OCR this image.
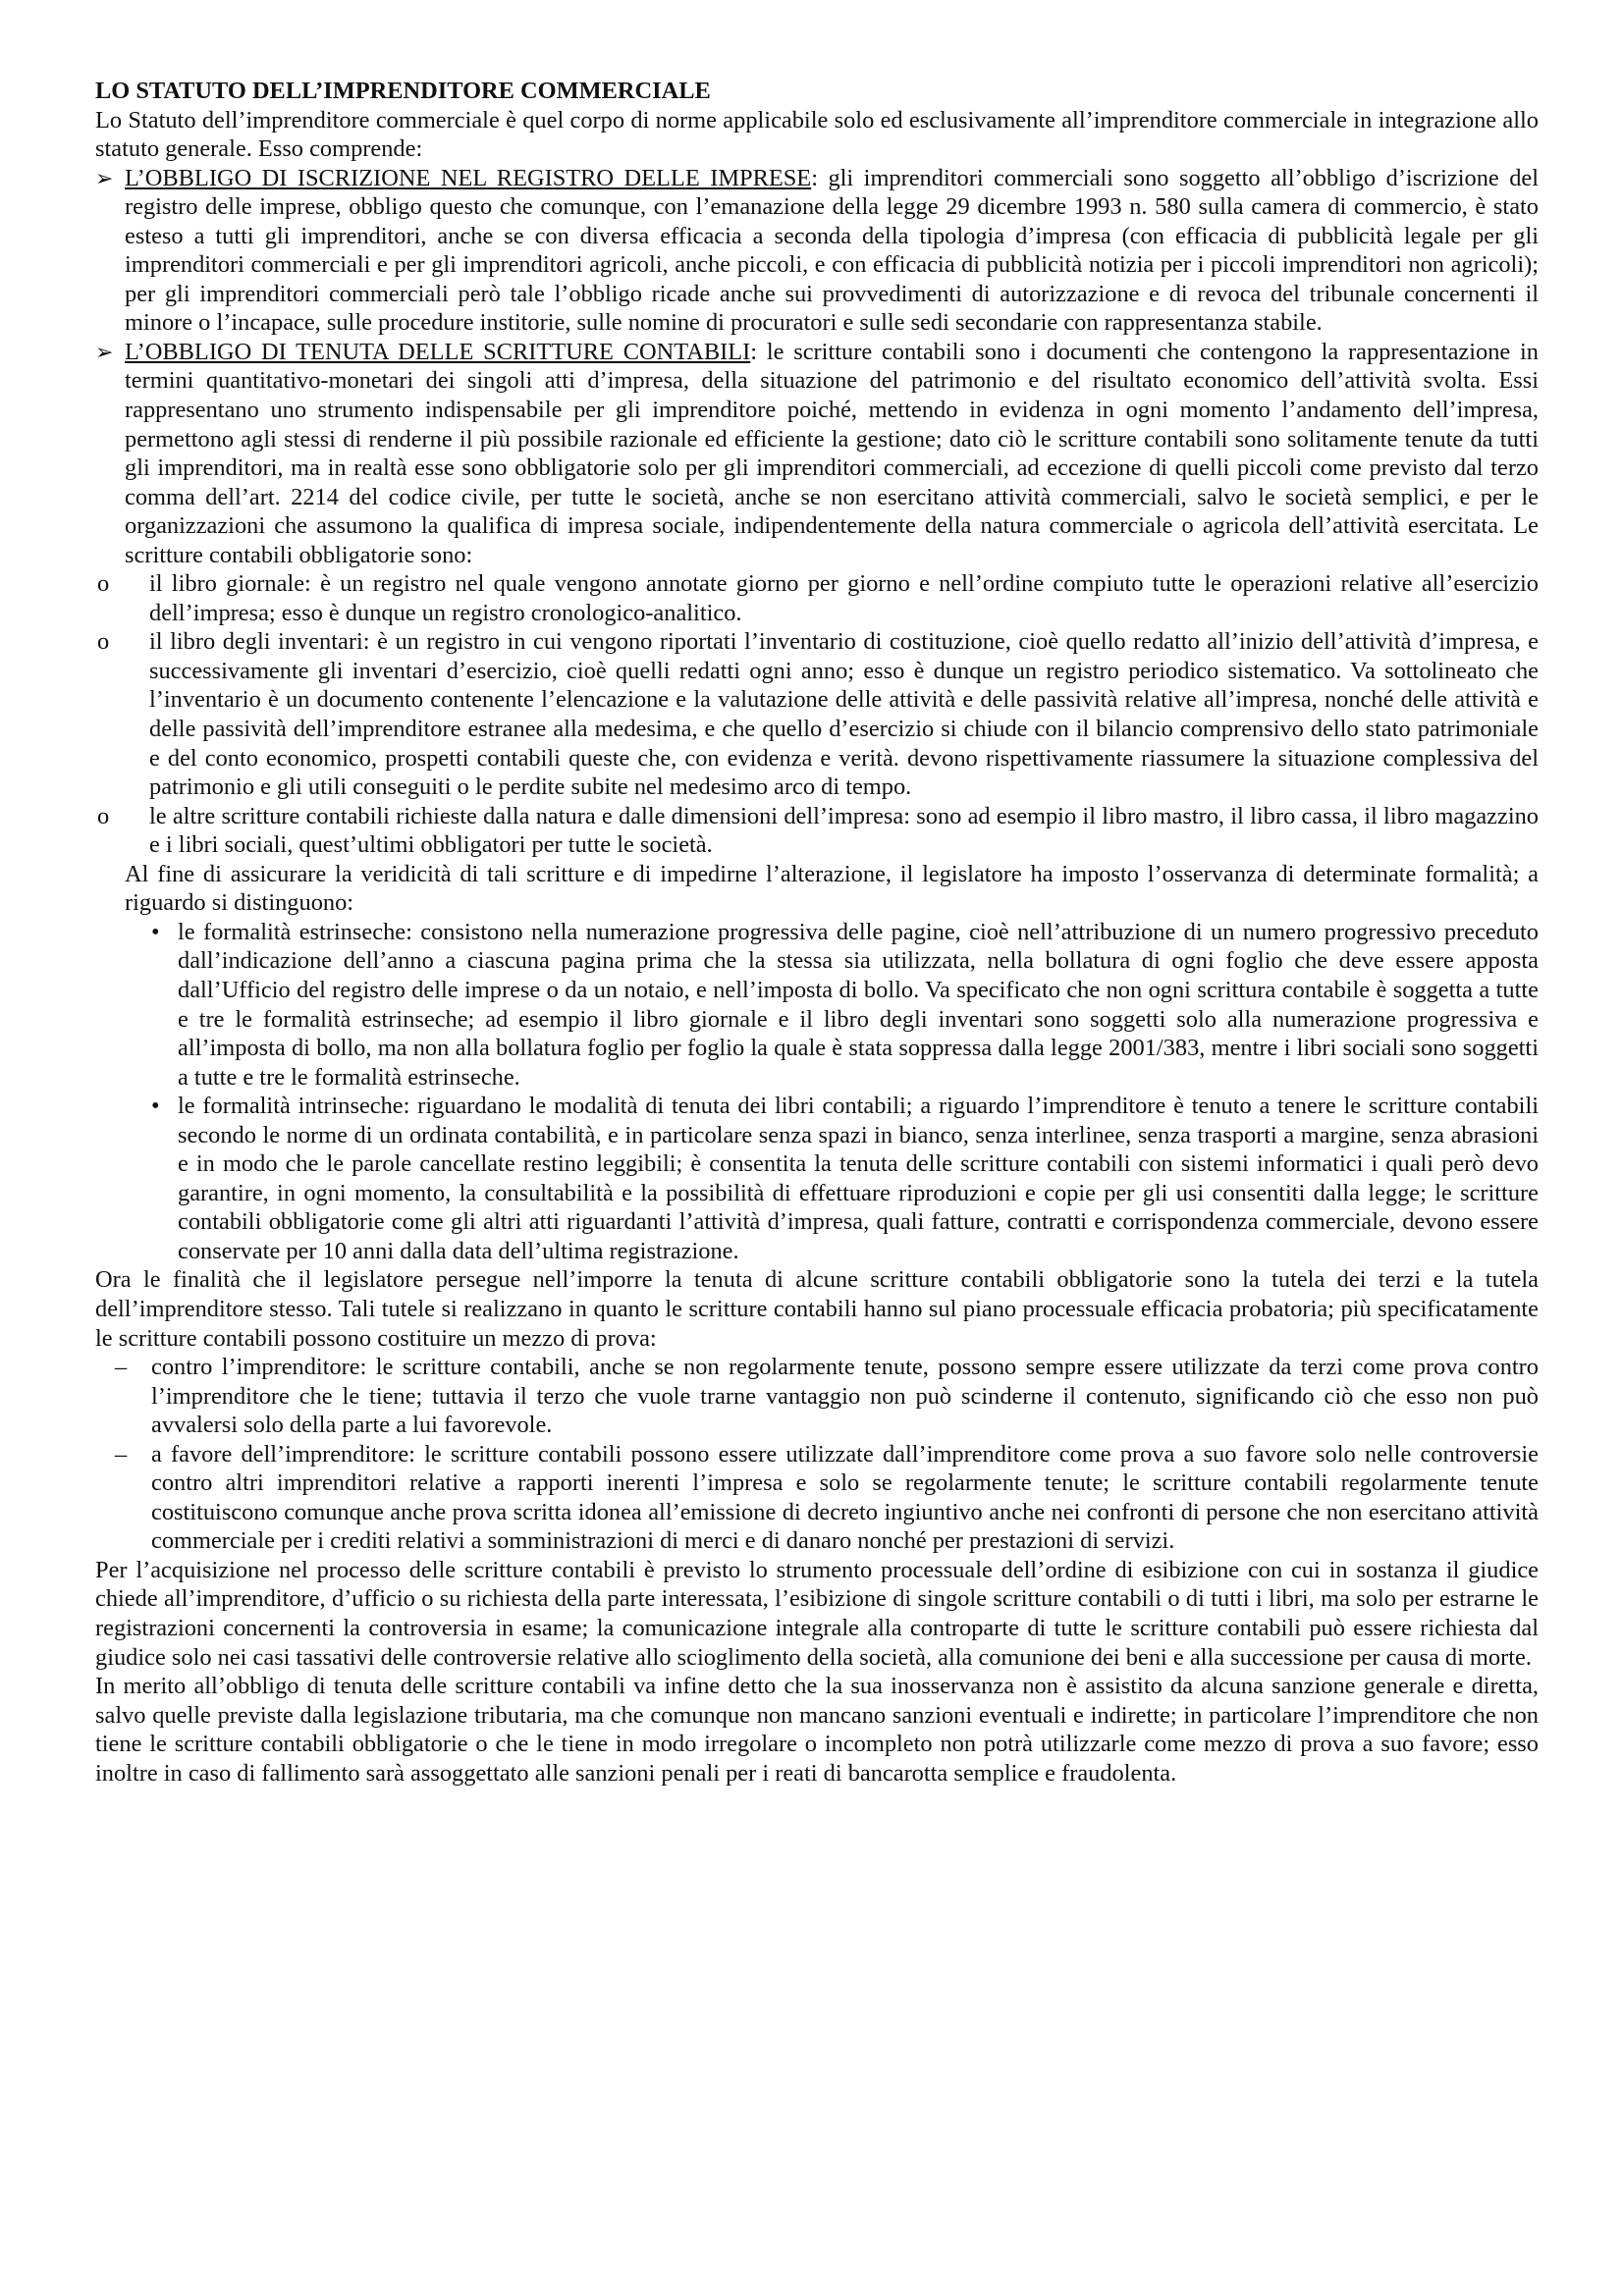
LO STATUTO DELL’IMPRENDITORE COMMERCIALE

Lo Statuto dell’imprenditore commerciale è quel corpo di norme applicabile solo ed esclusivamente all’imprenditore commerciale in integrazione allo statuto generale. Esso comprende:

➢ L’OBBLIGO DI ISCRIZIONE NEL REGISTRO DELLE IMPRESE: gli imprenditori commerciali sono soggetto all’obbligo d’iscrizione del registro delle imprese, obbligo questo che comunque, con l’emanazione della legge 29 dicembre 1993 n. 580 sulla camera di commercio, è stato esteso a tutti gli imprenditori, anche se con diversa efficacia a seconda della tipologia d’impresa (con efficacia di pubblicità legale per gli imprenditori commerciali e per gli imprenditori agricoli, anche piccoli, e con efficacia di pubblicità notizia per i piccoli imprenditori non agricoli); per gli imprenditori commerciali però tale l’obbligo ricade anche sui provvedimenti di autorizzazione e di revoca del tribunale concernenti il minore o l’incapace, sulle procedure institorie, sulle nomine di procuratori e sulle sedi secondarie con rappresentanza stabile.
➢ L’OBBLIGO DI TENUTA DELLE SCRITTURE CONTABILI: le scritture contabili sono i documenti che contengono la rappresentazione in termini quantitativo-monetari dei singoli atti d’impresa, della situazione del patrimonio e del risultato economico dell’attività svolta. Essi rappresentano uno strumento indispensabile per gli imprenditore poiché, mettendo in evidenza in ogni momento l’andamento dell’impresa, permettono agli stessi di renderne il più possibile razionale ed efficiente la gestione; dato ciò le scritture contabili sono solitamente tenute da tutti gli imprenditori, ma in realtà esse sono obbligatorie solo per gli imprenditori commerciali, ad eccezione di quelli piccoli come previsto dal terzo comma dell’art. 2214 del codice civile, per tutte le società, anche se non esercitano attività commerciali, salvo le società semplici, e per le organizzazioni che assumono la qualifica di impresa sociale, indipendentemente della natura commerciale o agricola dell’attività esercitata. Le scritture contabili obbligatorie sono:
o il libro giornale: è un registro nel quale vengono annotate giorno per giorno e nell’ordine compiuto tutte le operazioni relative all’esercizio dell’impresa; esso è dunque un registro cronologico-analitico.
o il libro degli inventari: è un registro in cui vengono riportati l’inventario di costituzione, cioè quello redatto all’inizio dell’attività d’impresa, e successivamente gli inventari d’esercizio, cioè quelli redatti ogni anno; esso è dunque un registro periodico sistematico. Va sottolineato che l’inventario è un documento contenente l’elencazione e la valutazione delle attività e delle passività relative all’impresa, nonché delle attività e delle passività dell’imprenditore estranee alla medesima, e che quello d’esercizio si chiude con il bilancio comprensivo dello stato patrimoniale e del conto economico, prospetti contabili queste che, con evidenza e verità. devono rispettivamente riassumere la situazione complessiva del patrimonio e gli utili conseguiti o le perdite subite nel medesimo arco di tempo.
o le altre scritture contabili richieste dalla natura e dalle dimensioni dell’impresa: sono ad esempio il libro mastro, il libro cassa, il libro magazzino e i libri sociali, quest’ultimi obbligatori per tutte le società.

Al fine di assicurare la veridicità di tali scritture e di impedirne l’alterazione, il legislatore ha imposto l’osservanza di determinate formalità; a riguardo si distinguono:

• le formalità estrinseche: consistono nella numerazione progressiva delle pagine, cioè nell’attribuzione di un numero progressivo preceduto dall’indicazione dell’anno a ciascuna pagina prima che la stessa sia utilizzata, nella bollatura di ogni foglio che deve essere apposta dall’Ufficio del registro delle imprese o da un notaio, e nell’imposta di bollo. Va specificato che non ogni scrittura contabile è soggetta a tutte e tre le formalità estrinseche; ad esempio il libro giornale e il libro degli inventari sono soggetti solo alla numerazione progressiva e all’imposta di bollo, ma non alla bollatura foglio per foglio la quale è stata soppressa dalla legge 2001/383, mentre i libri sociali sono soggetti a tutte e tre le formalità estrinseche.
• le formalità intrinseche: riguardano le modalità di tenuta dei libri contabili; a riguardo l’imprenditore è tenuto a tenere le scritture contabili secondo le norme di un ordinata contabilità, e in particolare senza spazi in bianco, senza interlinee, senza trasporti a margine, senza abrasioni e in modo che le parole cancellate restino leggibili; è consentita la tenuta delle scritture contabili con sistemi informatici i quali però devo garantire, in ogni momento, la consultabilità e la possibilità di effettuare riproduzioni e copie per gli usi consentiti dalla legge; le scritture contabili obbligatorie come gli altri atti riguardanti l’attività d’impresa, quali fatture, contratti e corrispondenza commerciale, devono essere conservate per 10 anni dalla data dell’ultima registrazione.

Ora le finalità che il legislatore persegue nell’imporre la tenuta di alcune scritture contabili obbligatorie sono la tutela dei terzi e la tutela dell’imprenditore stesso. Tali tutele si realizzano in quanto le scritture contabili hanno sul piano processuale efficacia probatoria; più specificatamente le scritture contabili possono costituire un mezzo di prova:

– contro l’imprenditore: le scritture contabili, anche se non regolarmente tenute, possono sempre essere utilizzate da terzi come prova contro l’imprenditore che le tiene; tuttavia il terzo che vuole trarne vantaggio non può scinderne il contenuto, significando ciò che esso non può avvalersi solo della parte a lui favorevole.
– a favore dell’imprenditore: le scritture contabili possono essere utilizzate dall’imprenditore come prova a suo favore solo nelle controversie contro altri imprenditori relative a rapporti inerenti l’impresa e solo se regolarmente tenute; le scritture contabili regolarmente tenute costituiscono comunque anche prova scritta idonea all’emissione di decreto ingiuntivo anche nei confronti di persone che non esercitano attività commerciale per i crediti relativi a somministrazioni di merci e di danaro nonché per prestazioni di servizi.

Per l’acquisizione nel processo delle scritture contabili è previsto lo strumento processuale dell’ordine di esibizione con cui in sostanza il giudice chiede all’imprenditore, d’ufficio o su richiesta della parte interessata, l’esibizione di singole scritture contabili o di tutti i libri, ma solo per estrarne le registrazioni concernenti la controversia in esame; la comunicazione integrale alla controparte di tutte le scritture contabili può essere richiesta dal giudice solo nei casi tassativi delle controversie relative allo scioglimento della società, alla comunione dei beni e alla successione per causa di morte.

In merito all’obbligo di tenuta delle scritture contabili va infine detto che la sua inosservanza non è assistito da alcuna sanzione generale e diretta, salvo quelle previste dalla legislazione tributaria, ma che comunque non mancano sanzioni eventuali e indirette; in particolare l’imprenditore che non tiene le scritture contabili obbligatorie o che le tiene in modo irregolare o incompleto non potrà utilizzarle come mezzo di prova a suo favore; esso inoltre in caso di fallimento sarà assoggettato alle sanzioni penali per i reati di bancarotta semplice e fraudolenta.
